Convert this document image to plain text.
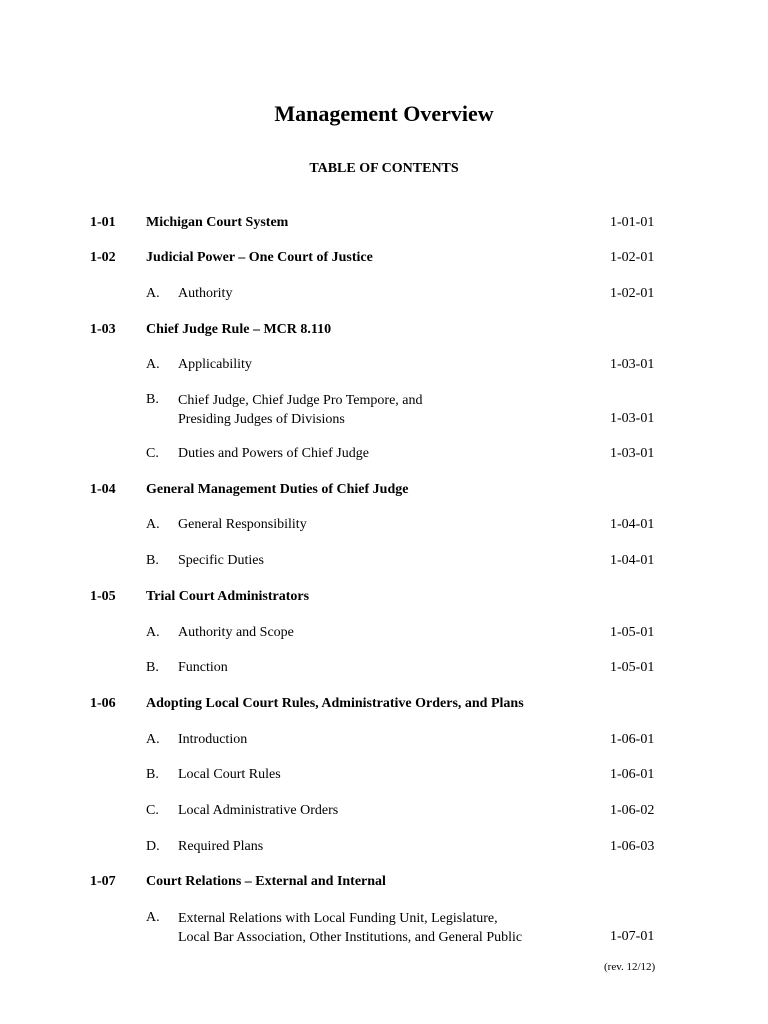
Management Overview
TABLE OF CONTENTS
1-01 Michigan Court System	1-01-01
1-02 Judicial Power – One Court of Justice	1-02-01
A. Authority	1-02-01
1-03 Chief Judge Rule – MCR 8.110
A. Applicability	1-03-01
B. Chief Judge, Chief Judge Pro Tempore, and
Presiding Judges of Divisions	1-03-01
C. Duties and Powers of Chief Judge	1-03-01
1-04 General Management Duties of Chief Judge
A. General Responsibility	1-04-01
B. Specific Duties	1-04-01
1-05 Trial Court Administrators
A. Authority and Scope	1-05-01
B. Function	1-05-01
1-06 Adopting Local Court Rules, Administrative Orders, and Plans
A. Introduction	1-06-01
B. Local Court Rules	1-06-01
C. Local Administrative Orders	1-06-02
D. Required Plans	1-06-03
1-07 Court Relations – External and Internal
A. External Relations with Local Funding Unit, Legislature,
Local Bar Association, Other Institutions, and General Public	1-07-01
(rev. 12/12)
